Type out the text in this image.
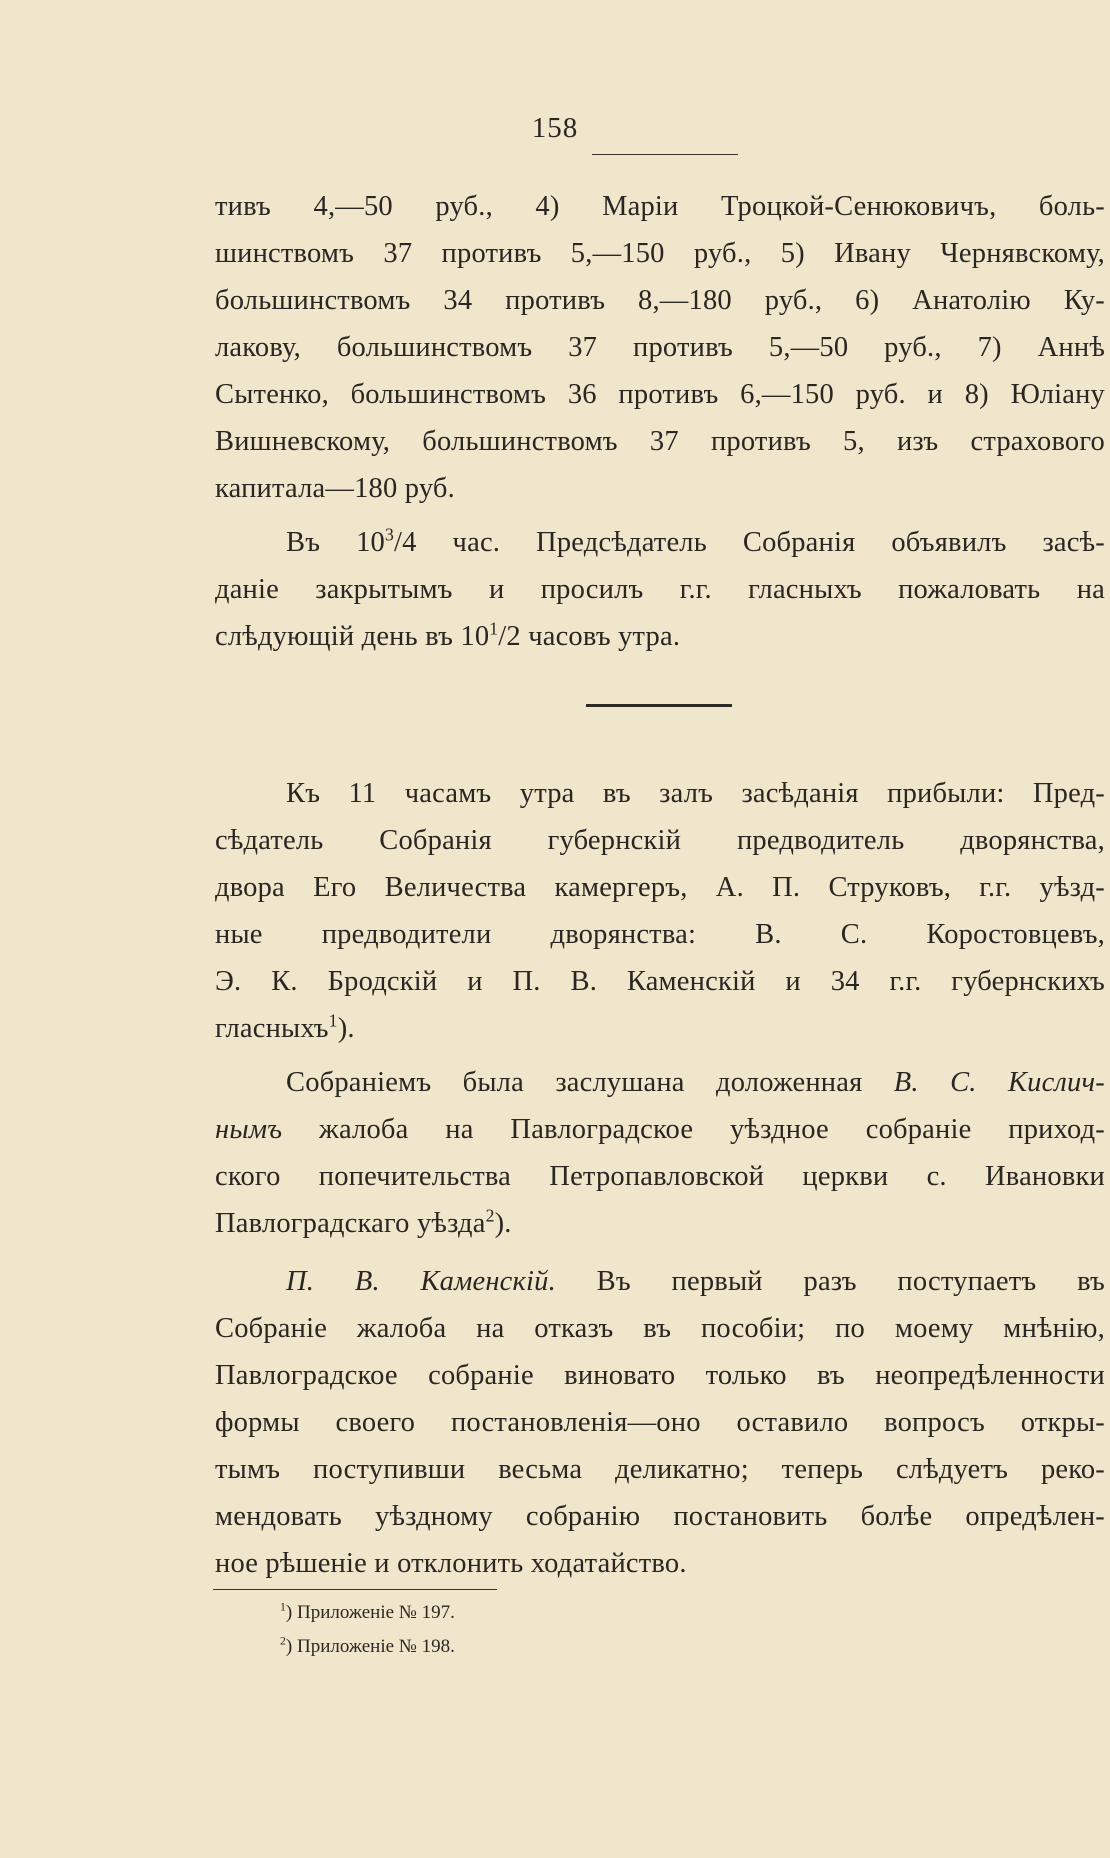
158
тивъ 4,—50 руб., 4) Маріи Троцкой-Сенюковичъ, боль-
шинствомъ 37 противъ 5,—150 руб., 5) Ивану Чернявскому,
большинствомъ 34 противъ 8,—180 руб., 6) Анатолію Ку-
лакову, большинствомъ 37 противъ 5,—50 руб., 7) Аннѣ
Сытенко, большинствомъ 36 противъ 6,—150 руб. и 8) Юліану
Вишневскому, большинствомъ 37 противъ 5, изъ страхового
капитала—180 руб.
Въ $10^3/4$ час. Предсѣдатель Собранія объявилъ засѣ-
даніе закрытымъ и просилъ г.г. гласныхъ пожаловать на
слѣдующій день въ $10^1/2$ часовъ утра.
Къ 11 часамъ утра въ залъ засѣданія прибыли: Пред-
сѣдатель Собранія губернскій предводитель дворянства,
двора Его Величества камергеръ, А. П. Струковъ, г.г. уѣзд-
ные предводители дворянства: В. С. Коростовцевъ,
Э. К. Бродскій и П. В. Каменскій и 34 г.г. губернскихъ
гласныхъ$^1$).
Собраніемъ была заслушана доложенная В. С. Кислич-
нымъ жалоба на Павлоградское уѣздное собраніе приход-
ского попечительства Петропавловской церкви с. Ивановки
Павлоградскаго уѣзда$^2$).
П. В. Каменскій. Въ первый разъ поступаетъ въ
Собраніе жалоба на отказъ въ пособіи; по моему мнѣнію,
Павлоградское собраніе виновато только въ неопредѣленности
формы своего постановленія—оно оставило вопросъ откры-
тымъ поступивши весьма деликатно; теперь слѣдуетъ реко-
мендовать уѣздному собранію постановить болѣе опредѣлен-
ное рѣшеніе и отклонить ходатайство.
$^1$) Приложеніе № 197.
$^2$) Приложеніе № 198.
